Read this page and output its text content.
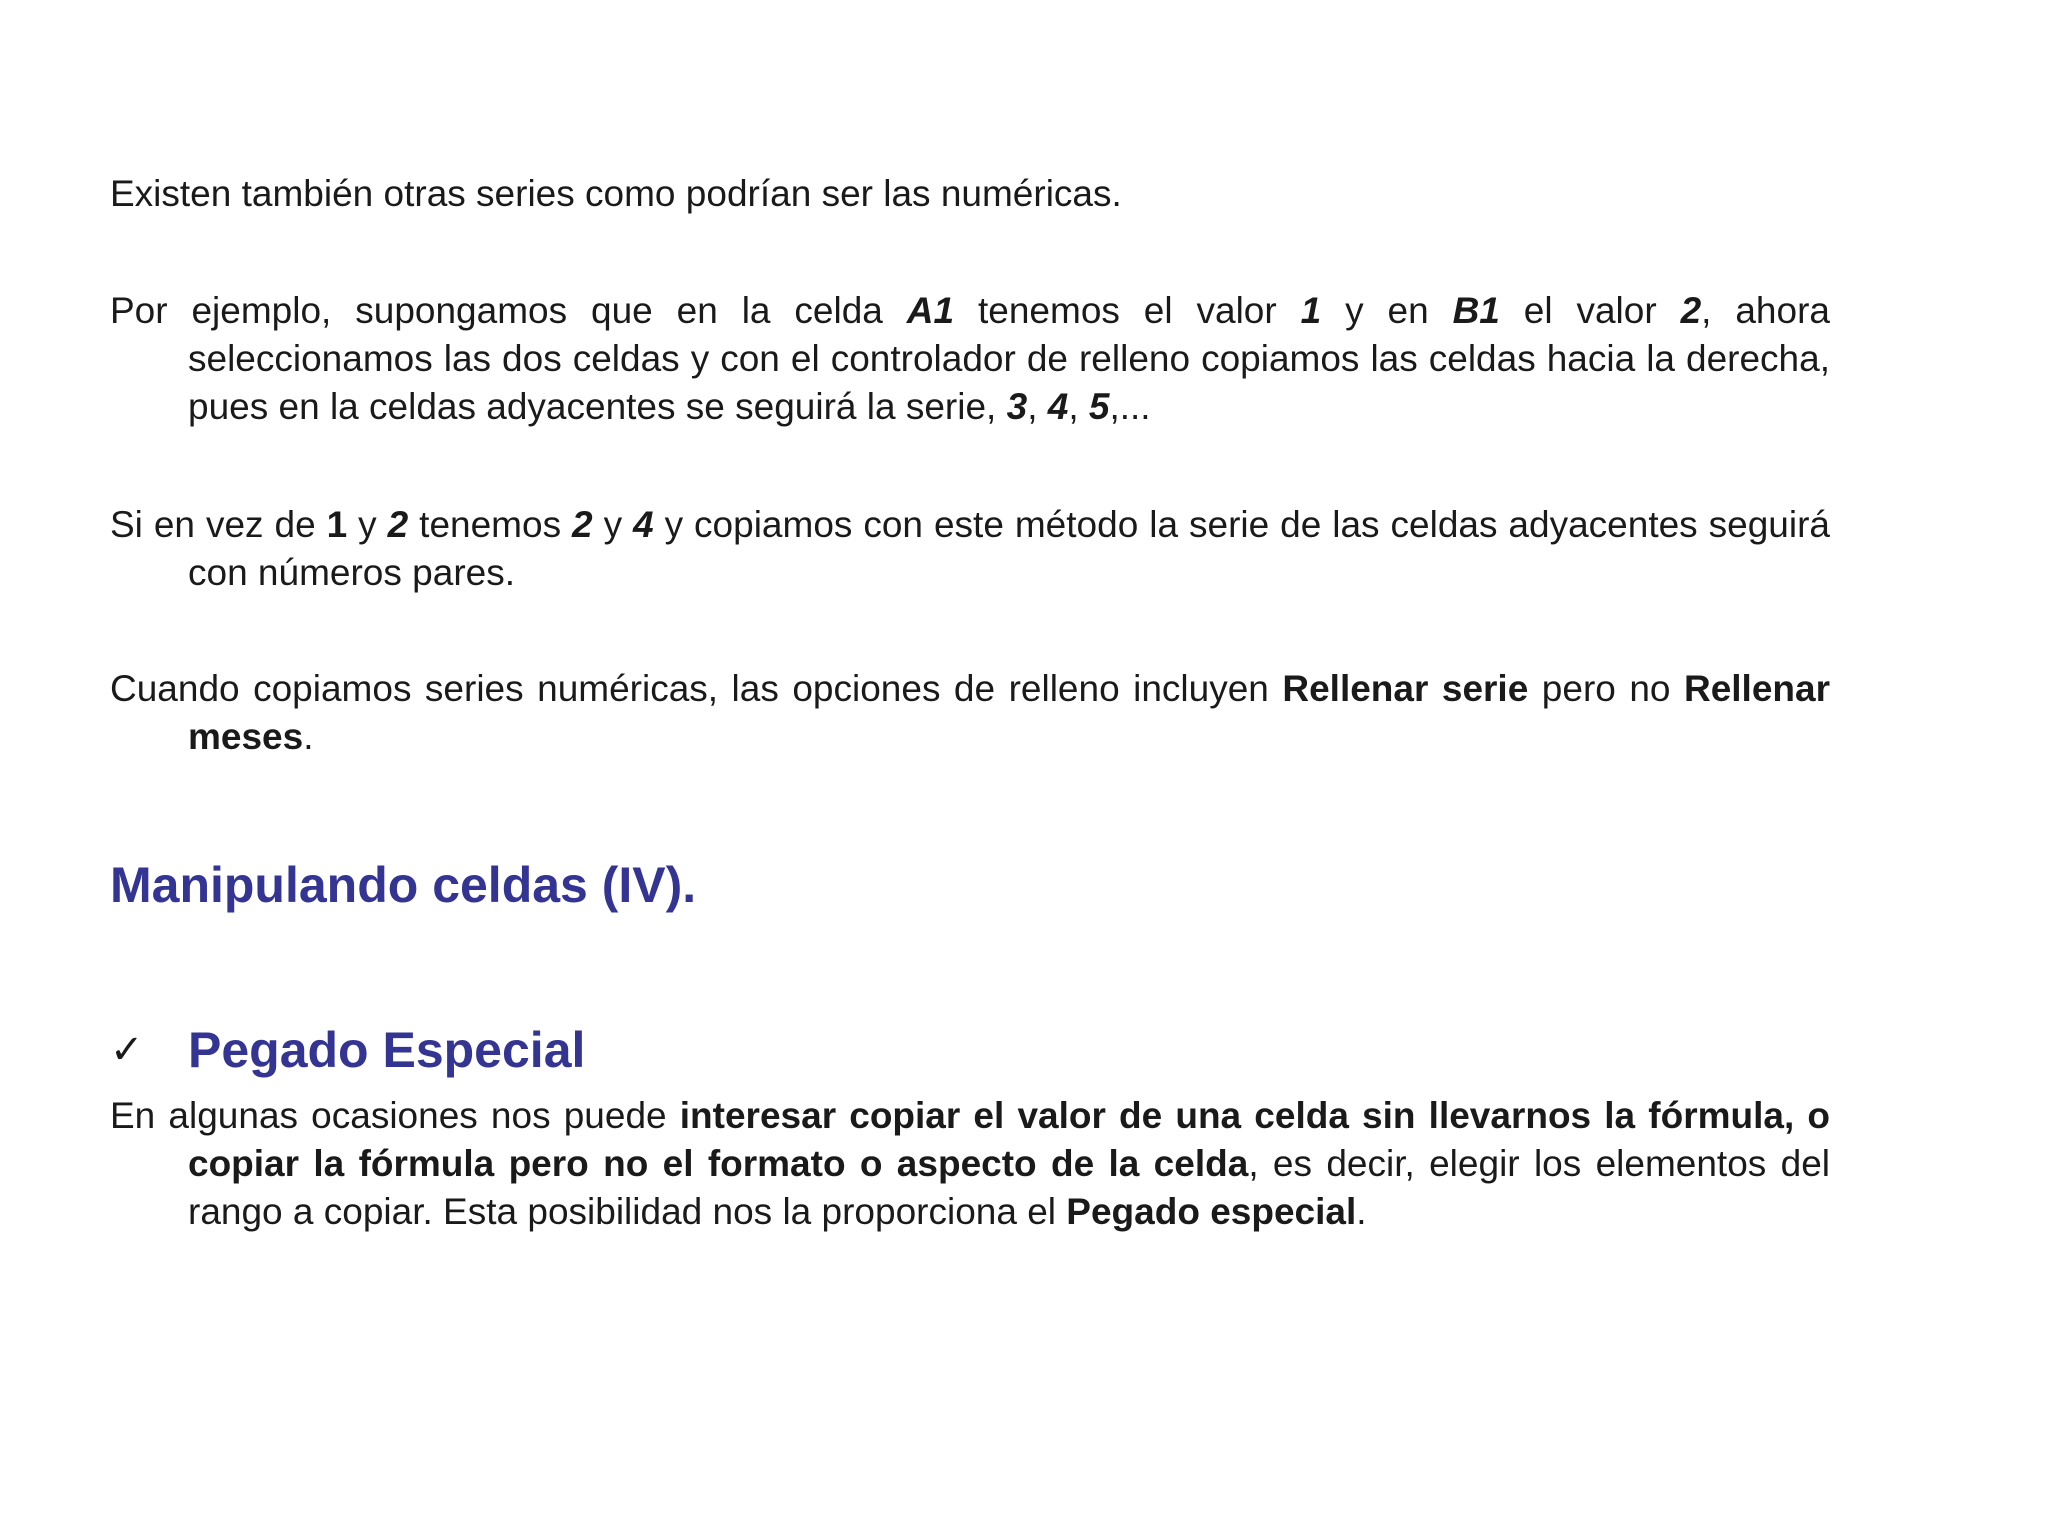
Existen también otras series como podrían ser las numéricas.

Por ejemplo, supongamos que en la celda A1 tenemos el valor 1 y en B1 el valor 2, ahora seleccionamos las dos celdas y con el controlador de relleno copiamos las celdas hacia la derecha, pues en la celdas adyacentes se seguirá la serie, 3, 4, 5,...

Si en vez de 1 y 2 tenemos 2 y 4 y copiamos con este método la serie de las celdas adyacentes seguirá con números pares.

Cuando copiamos series numéricas, las opciones de relleno incluyen Rellenar serie pero no Rellenar meses.

Manipulando celdas (IV).
✓ Pegado Especial

En algunas ocasiones nos puede interesar copiar el valor de una celda sin llevarnos la fórmula, o copiar la fórmula pero no el formato o aspecto de la celda, es decir, elegir los elementos del rango a copiar. Esta posibilidad nos la proporciona el Pegado especial.
